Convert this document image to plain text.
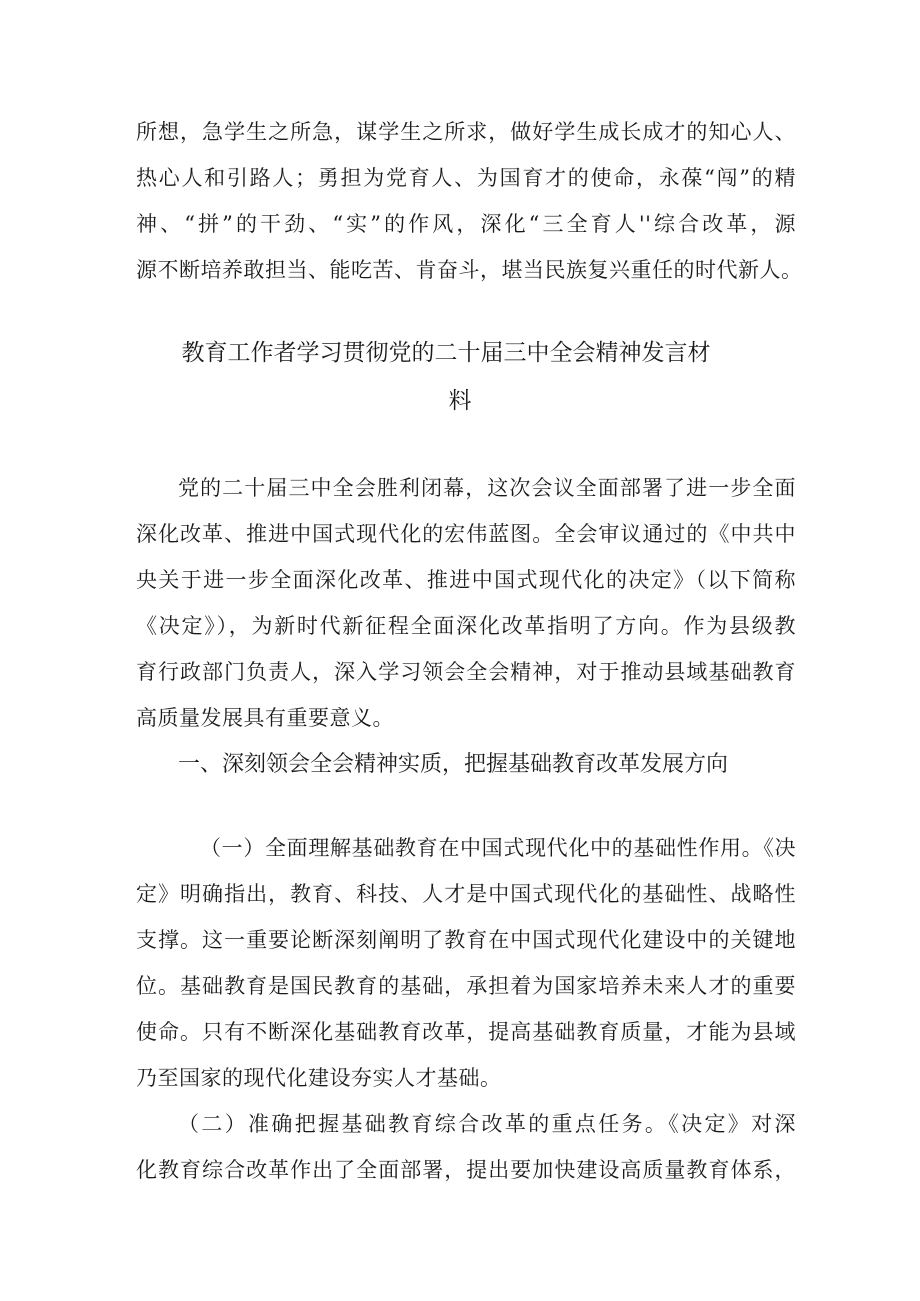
所想，急学生之所急，谋学生之所求，做好学生成长成才的知心人、
热心人和引路人；勇担为党育人、为国育才的使命，永葆“闯”的精
神、“拼”的干劲、“实”的作风，深化“三全育人''综合改革，源
源不断培养敢担当、能吃苦、肯奋斗，堪当民族复兴重任的时代新人。
教育工作者学习贯彻党的二十届三中全会精神发言材
料
党的二十届三中全会胜利闭幕，这次会议全面部署了进一步全面
深化改革、推进中国式现代化的宏伟蓝图。全会审议通过的《中共中
央关于进一步全面深化改革、推进中国式现代化的决定》（以下简称
《决定》），为新时代新征程全面深化改革指明了方向。作为县级教
育行政部门负责人，深入学习领会全会精神，对于推动县域基础教育
高质量发展具有重要意义。
一、深刻领会全会精神实质，把握基础教育改革发展方向
（一）全面理解基础教育在中国式现代化中的基础性作用。《决
定》明确指出，教育、科技、人才是中国式现代化的基础性、战略性
支撑。这一重要论断深刻阐明了教育在中国式现代化建设中的关键地
位。基础教育是国民教育的基础，承担着为国家培养未来人才的重要
使命。只有不断深化基础教育改革，提高基础教育质量，才能为县域
乃至国家的现代化建设夯实人才基础。
（二）准确把握基础教育综合改革的重点任务。《决定》对深
化教育综合改革作出了全面部署，提出要加快建设高质量教育体系，
